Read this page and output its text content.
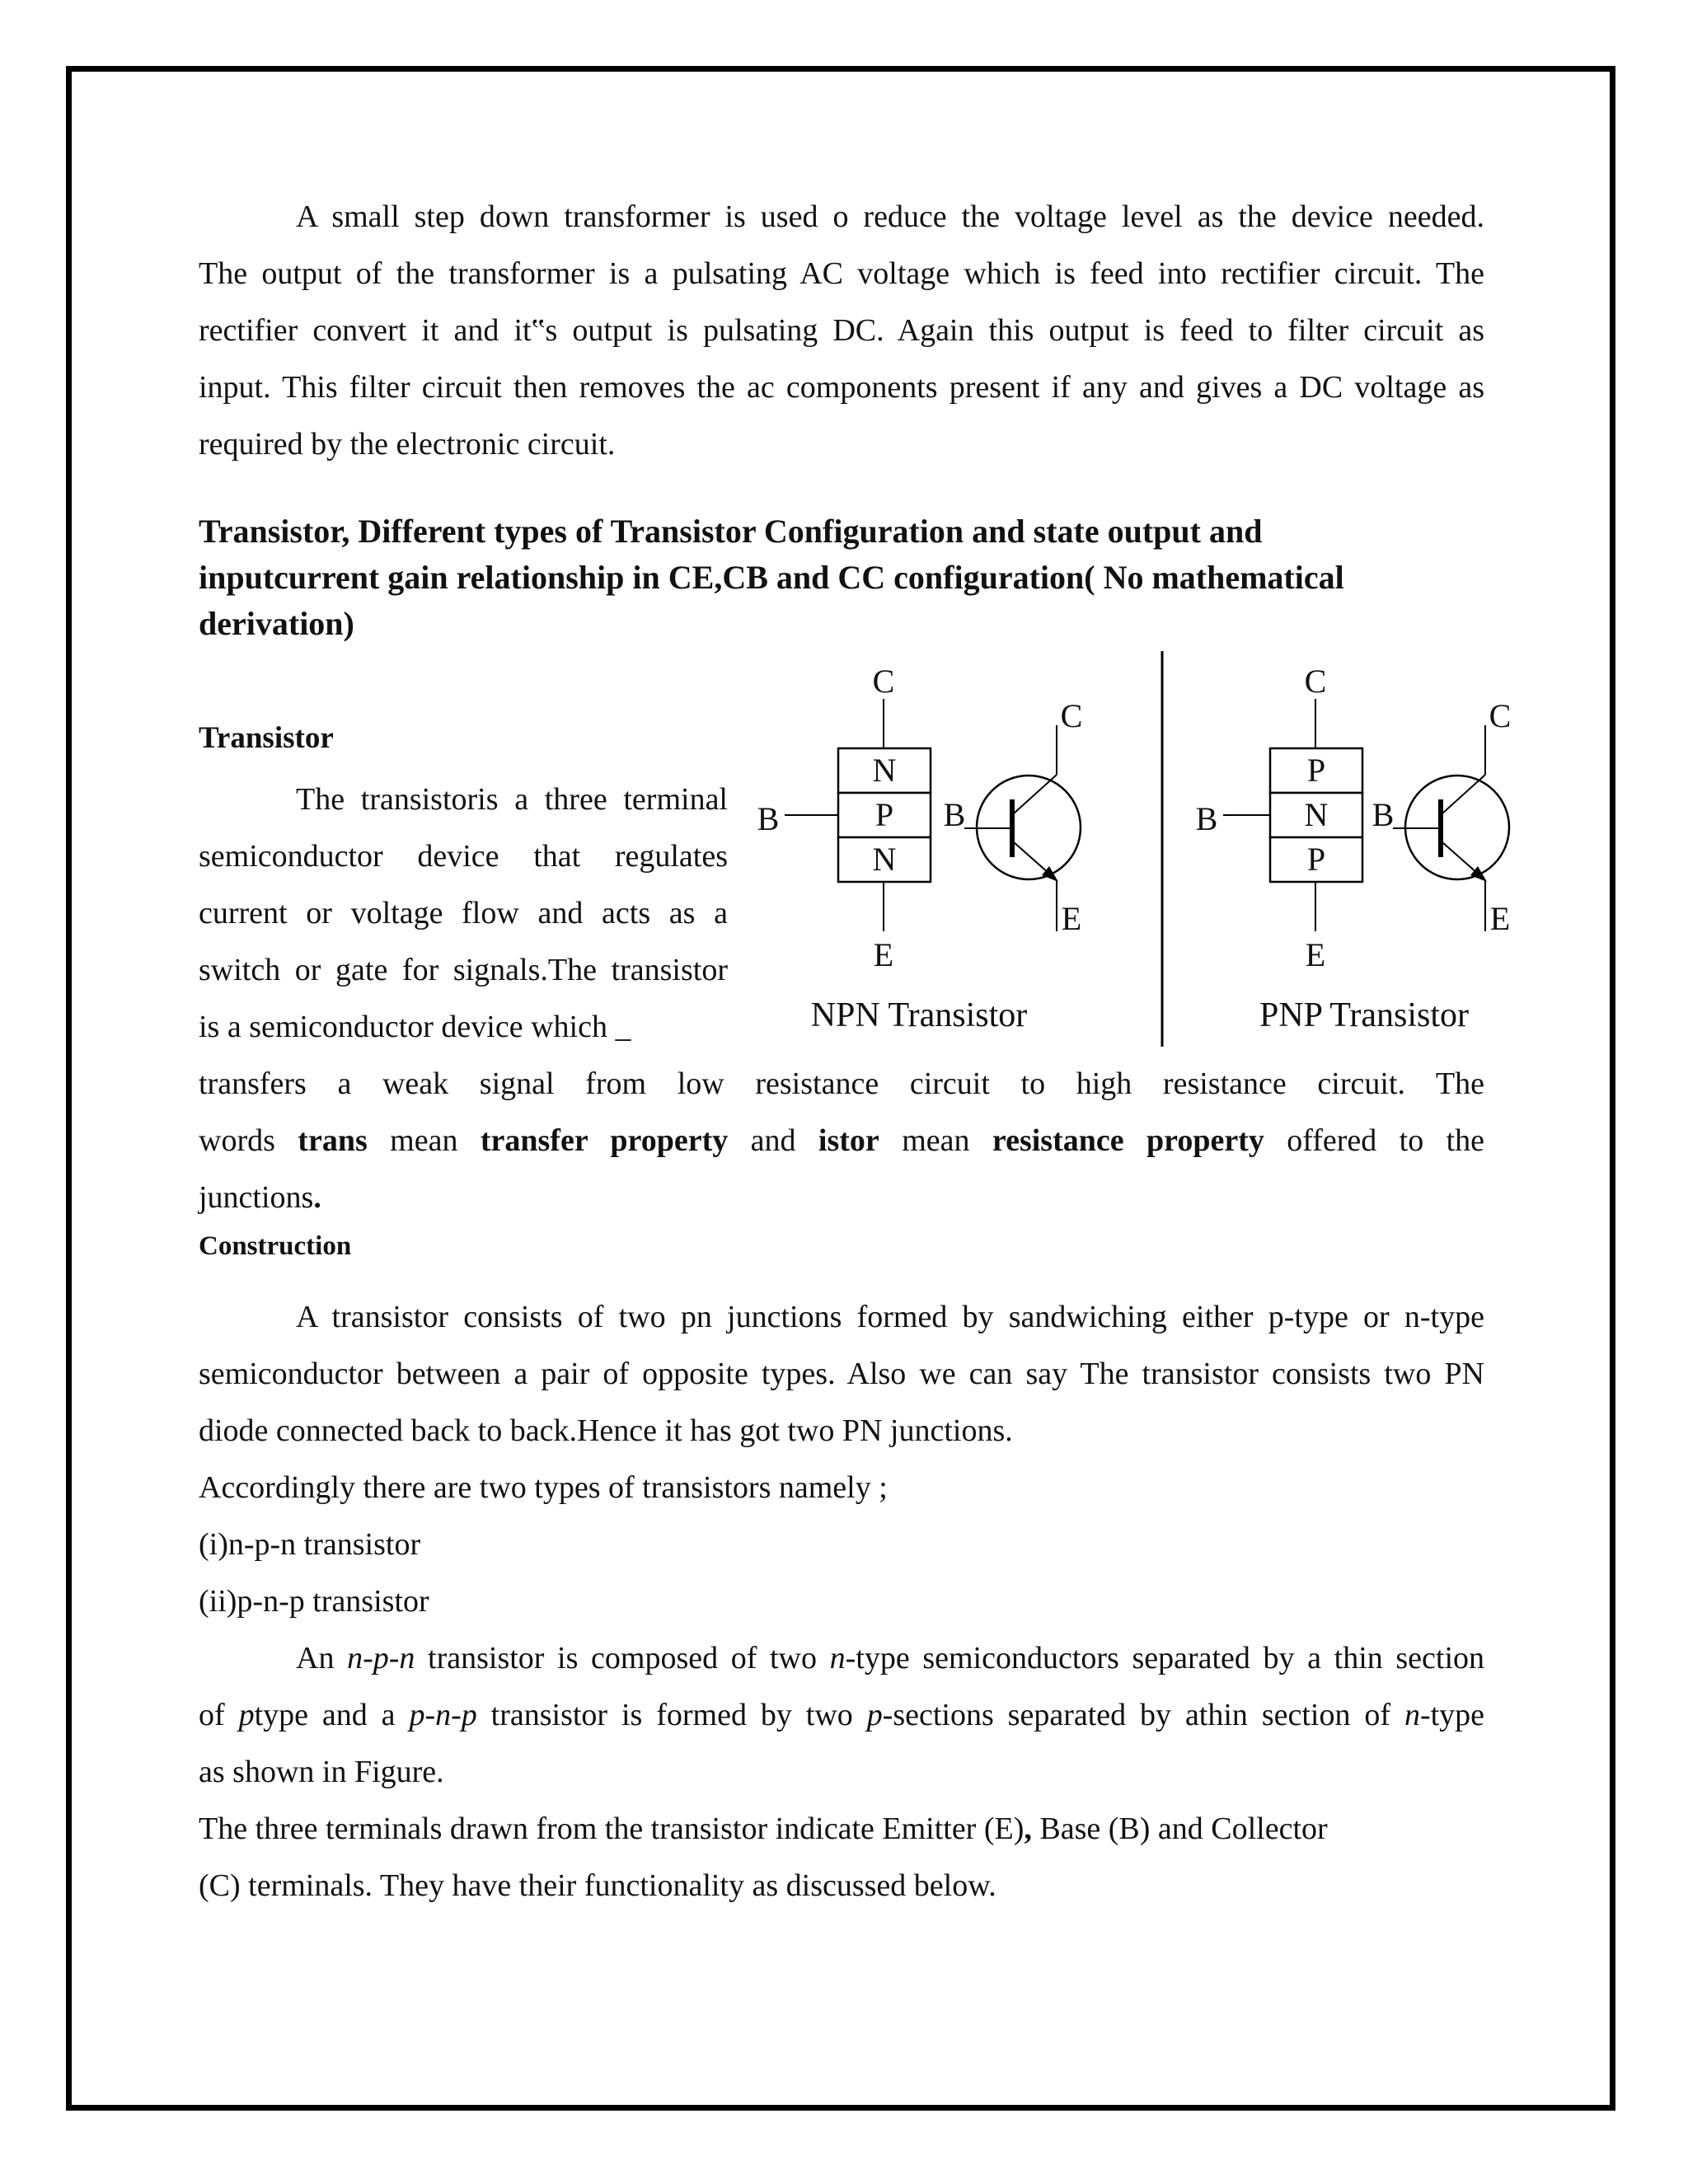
A small step down transformer is used o reduce the voltage level as the device needed.

The output of the transformer is a pulsating AC voltage which is feed into rectifier circuit. The

rectifier convert it and it‟s output is pulsating DC. Again this output is feed to filter circuit as

input. This filter circuit then removes the ac components present if any and gives a DC voltage as

required by the electronic circuit.

Transistor, Different types of Transistor Configuration and state output and

inputcurrent gain relationship in CE,CB and CC configuration( No mathematical

derivation)

Transistor

The transistoris a three terminal

semiconductor device that regulates

current or voltage flow and acts as a

switch or gate for signals.The transistor

is a semiconductor device which _

transfers a weak signal from low resistance circuit to high resistance circuit. The

words trans mean transfer property and istor mean resistance property offered to the

junctions.

Construction

A transistor consists of two pn junctions formed by sandwiching either p-type or n-type

semiconductor between a pair of opposite types. Also we can say The transistor consists two PN

diode connected back to back.Hence it has got two PN junctions.

Accordingly there are two types of transistors namely ;

(i)n-p-n transistor

(ii)p-n-p transistor

An n-p-n transistor is composed of two n-type semiconductors separated by a thin section

of ptype and a p-n-p transistor is formed by two p-sections separated by athin section of n-type

as shown in Figure.

The three terminals drawn from the transistor indicate Emitter (E), Base (B) and Collector

(C) terminals. They have their functionality as discussed below.

C
N
P
N
B
E
C
B
E
NPN Transistor
C
P
N
P
B
E
C
B
E
PNP Transistor
